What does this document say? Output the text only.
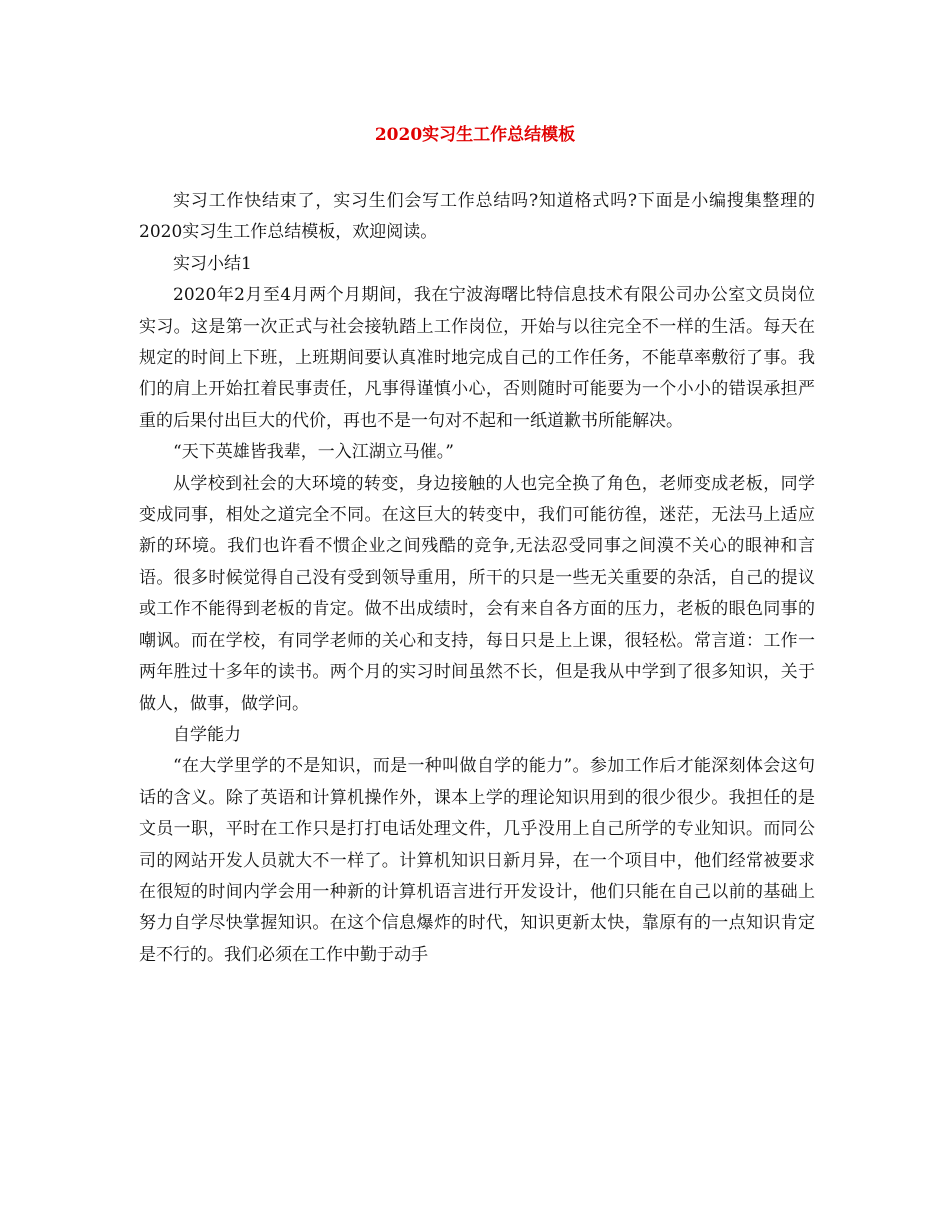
2020实习生工作总结模板

实习工作快结束了，实习生们会写工作总结吗?知道格式吗?下面是小编搜集整理的2020实习生工作总结模板，欢迎阅读。

实习小结1

2020年2月至4月两个月期间，我在宁波海曙比特信息技术有限公司办公室文员岗位实习。这是第一次正式与社会接轨踏上工作岗位，开始与以往完全不一样的生活。每天在规定的时间上下班，上班期间要认真准时地完成自己的工作任务，不能草率敷衍了事。我们的肩上开始扛着民事责任，凡事得谨慎小心，否则随时可能要为一个小小的错误承担严重的后果付出巨大的代价，再也不是一句对不起和一纸道歉书所能解决。

“天下英雄皆我辈，一入江湖立马催。”

从学校到社会的大环境的转变，身边接触的人也完全换了角色，老师变成老板，同学变成同事，相处之道完全不同。在这巨大的转变中，我们可能彷徨，迷茫，无法马上适应新的环境。我们也许看不惯企业之间残酷的竞争,无法忍受同事之间漠不关心的眼神和言语。很多时候觉得自己没有受到领导重用，所干的只是一些无关重要的杂活，自己的提议或工作不能得到老板的肯定。做不出成绩时，会有来自各方面的压力，老板的眼色同事的嘲讽。而在学校，有同学老师的关心和支持，每日只是上上课，很轻松。常言道：工作一两年胜过十多年的读书。两个月的实习时间虽然不长，但是我从中学到了很多知识，关于做人，做事，做学问。

自学能力

“在大学里学的不是知识，而是一种叫做自学的能力”。参加工作后才能深刻体会这句话的含义。除了英语和计算机操作外，课本上学的理论知识用到的很少很少。我担任的是文员一职，平时在工作只是打打电话处理文件，几乎没用上自己所学的专业知识。而同公司的网站开发人员就大不一样了。计算机知识日新月异，在一个项目中，他们经常被要求在很短的时间内学会用一种新的计算机语言进行开发设计，他们只能在自己以前的基础上努力自学尽快掌握知识。在这个信息爆炸的时代，知识更新太快，靠原有的一点知识肯定是不行的。我们必须在工作中勤于动手
